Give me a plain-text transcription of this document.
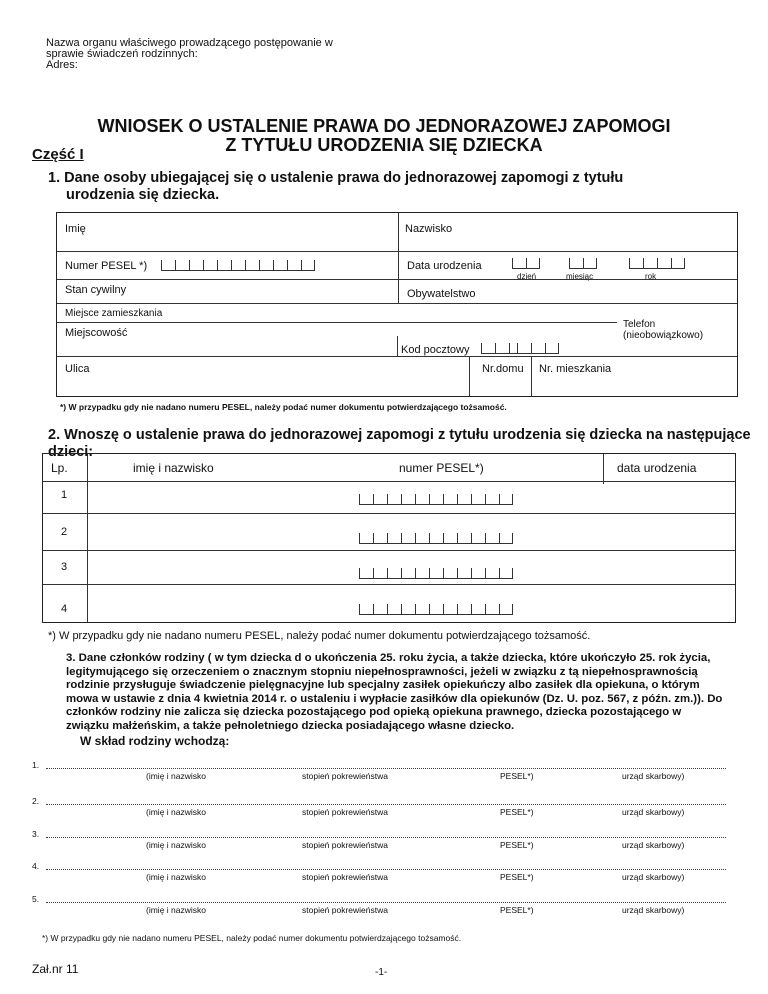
Nazwa organu właściwego prowadzącego postępowanie w
sprawie świadczeń rodzinnych:
Adres:
WNIOSEK O USTALENIE PRAWA DO JEDNORAZOWEJ ZAPOMOGI
Z TYTUŁU URODZENIA SIĘ DZIECKA
Część I
1. Dane osoby ubiegającej się o ustalenie prawa do jednorazowej zapomogi z tytułu
urodzenia się dziecka.
Imię	Nazwisko
Numer PESEL *)	Data urodzenia
dzień	miesiąc	rok
Stan cywilny	Obywatelstwo
Miejsce zamieszkania
Telefon (nieobowiązkowo)
Miejscowość
Kod pocztowy
Ulica	Nr.domu Nr. mieszkania
*) W przypadku gdy nie nadano numeru PESEL, należy podać numer dokumentu potwierdzającego tożsamość.
2. Wnoszę o ustalenie prawa do jednorazowej zapomogi z tytułu urodzenia się dziecka na następujące dzieci:
Lp.	imię i nazwisko	numer PESEL*)	data urodzenia
1
2
3
4
*) W przypadku gdy nie nadano numeru PESEL, należy podać numer dokumentu potwierdzającego tożsamość.
3. Dane członków rodziny ( w tym dziecka d o ukończenia 25. roku życia, a także dziecka, które ukończyło 25. rok życia, legitymującego się orzeczeniem o znacznym stopniu niepełnosprawności, jeżeli w związku z tą niepełnosprawnością rodzinie przysługuje świadczenie pielęgnacyjne lub specjalny zasiłek opiekuńczy albo zasiłek dla opiekuna, o którym mowa w ustawie z dnia 4 kwietnia 2014 r. o ustaleniu i wypłacie zasiłków dla opiekunów (Dz. U. poz. 567, z późn. zm.)). Do członków rodziny nie zalicza się dziecka pozostającego pod opieką opiekuna prawnego, dziecka pozostającego w związku małżeńskim, a także pełnoletniego dziecka posiadającego własne dziecko.
W skład rodziny wchodzą:
1.
(imię i nazwisko	stopień pokrewieństwa	PESEL*)	urząd skarbowy)
2.
(imię i nazwisko	stopień pokrewieństwa	PESEL*)	urząd skarbowy)
3.
(imię i nazwisko	stopień pokrewieństwa	PESEL*)	urząd skarbowy)
4.
(imię i nazwisko	stopień pokrewieństwa	PESEL*)	urząd skarbowy)
5.
(imię i nazwisko	stopień pokrewieństwa	PESEL*)	urząd skarbowy)
*) W przypadku gdy nie nadano numeru PESEL, należy podać numer dokumentu potwierdzającego tożsamość.
Zał.nr 11	-1-
